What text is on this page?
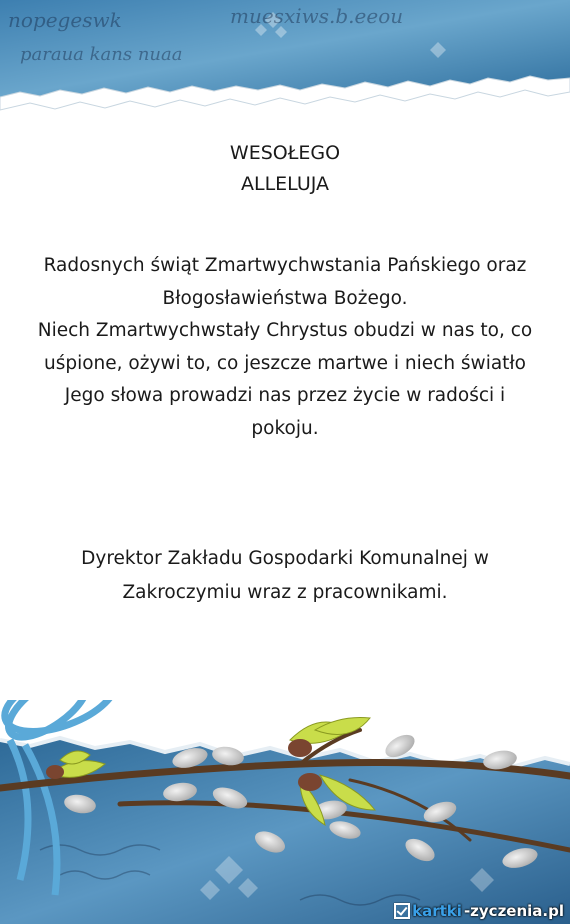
nopegeswk	muesxiws.b.eeou
paraua kans nuaa
WESOŁEGO
ALLELUJA
Radosnych świąt Zmartwychwstania Pańskiego oraz
Błogosławieństwa Bożego.
Niech Zmartwychwstały Chrystus obudzi w nas to, co
uśpione, ożywi to, co jeszcze martwe i niech światło
Jego słowa prowadzi nas przez życie w radości i
pokoju.
Dyrektor Zakładu Gospodarki Komunalnej w
Zakroczymiu wraz z pracownikami.
kartki -zyczenia.pl
